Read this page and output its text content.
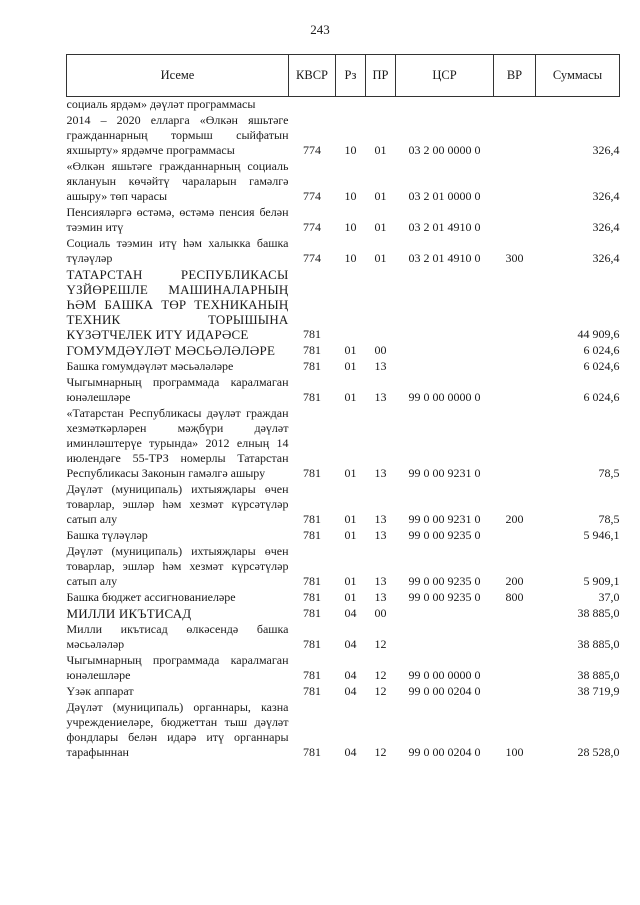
243
Исеме	КВСР	Рз	ПР	ЦСР	ВР	Суммасы
социаль ярдәм» дәүләт программасы						
2014 – 2020 елларга «Өлкән яшьтәге гражданнарның тормыш сыйфатын яхшырту» ярдәмче программасы	774	10	01	03 2 00 0000 0		326,4
«Өлкән яшьтәге гражданнарның социаль яклануын көчәйтү чараларын гамәлгә ашыру» төп чарасы	774	10	01	03 2 01 0000 0		326,4
Пенсияләргә өстәмә, өстәмә пенсия белән тәэмин итү	774	10	01	03 2 01 4910 0		326,4
Социаль тәэмин итү һәм халыкка башка түләүләр	774	10	01	03 2 01 4910 0	300	326,4
ТАТАРСТАН РЕСПУБЛИКАСЫ ҮЗЙӨРЕШЛЕ МАШИНАЛАРНЫҢ ҺӘМ БАШКА ТӨР ТЕХНИКАНЫҢ ТЕХНИК ТОРЫШЫНА КҮЗӘТЧЕЛЕК ИТҮ ИДАРӘСЕ	781					44 909,6
ГОМУМДӘҮЛӘТ МӘСЬӘЛӘЛӘРЕ	781	01	00			6 024,6
Башка гомумдәүләт мәсьәләләре	781	01	13			6 024,6
Чыгымнарның программада каралмаган юнәлешләре	781	01	13	99 0 00 0000 0		6 024,6
«Татарстан Республикасы дәүләт граждан хезмәткәрләрен мәҗбүри дәүләт иминләштерүе турында» 2012 елның 14 июлендәге 55-ТРЗ номерлы Татарстан Республикасы Законын гамәлгә ашыру	781	01	13	99 0 00 9231 0		78,5
Дәүләт (муниципаль) ихтыяҗлары өчен товарлар, эшләр һәм хезмәт күрсәтүләр сатып алу	781	01	13	99 0 00 9231 0	200	78,5
Башка түләүләр	781	01	13	99 0 00 9235 0		5 946,1
Дәүләт (муниципаль) ихтыяҗлары өчен товарлар, эшләр һәм хезмәт күрсәтүләр сатып алу	781	01	13	99 0 00 9235 0	200	5 909,1
Башка бюджет ассигнованиеләре	781	01	13	99 0 00 9235 0	800	37,0
МИЛЛИ ИКЪТИСАД	781	04	00			38 885,0
Милли икътисад өлкәсендә башка мәсьәләләр	781	04	12			38 885,0
Чыгымнарның программада каралмаган юнәлешләре	781	04	12	99 0 00 0000 0		38 885,0
Үзәк аппарат	781	04	12	99 0 00 0204 0		38 719,9
Дәүләт (муниципаль) органнары, казна учреждениеләре, бюджеттан тыш дәүләт фондлары белән идарә итү органнары тарафыннан	781	04	12	99 0 00 0204 0	100	28 528,0
